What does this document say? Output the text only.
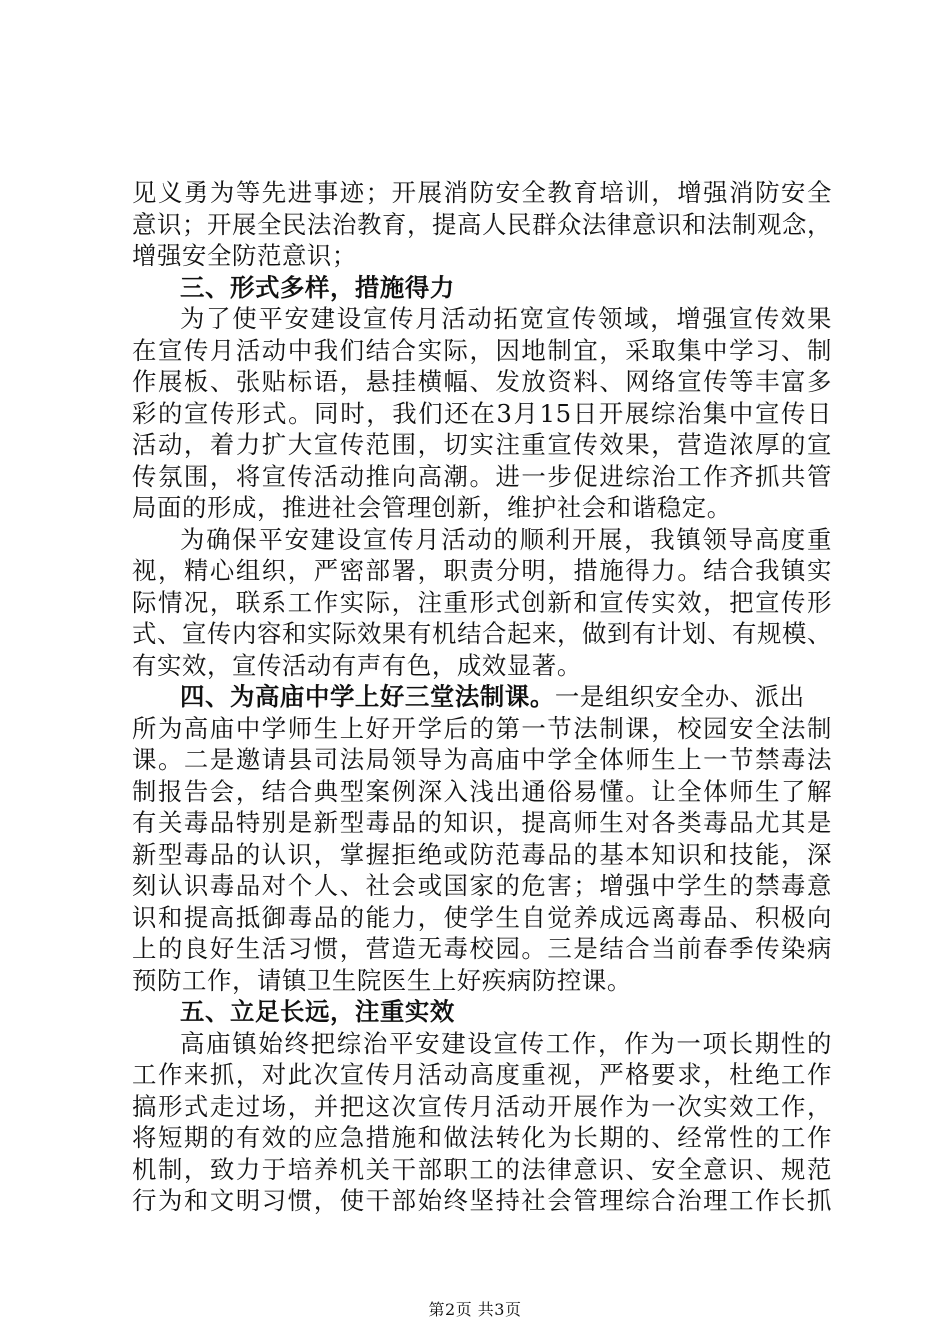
见义勇为等先进事迹；开展消防安全教育培训，增强消防安全
意识；开展全民法治教育，提高人民群众法律意识和法制观念，
增强安全防范意识；
三、形式多样，措施得力
为了使平安建设宣传月活动拓宽宣传领域，增强宣传效果
在宣传月活动中我们结合实际，因地制宜，采取集中学习、制
作展板、张贴标语，悬挂横幅、发放资料、网络宣传等丰富多
彩的宣传形式。同时，我们还在3月15日开展综治集中宣传日
活动，着力扩大宣传范围，切实注重宣传效果，营造浓厚的宣
传氛围，将宣传活动推向高潮。进一步促进综治工作齐抓共管
局面的形成，推进社会管理创新，维护社会和谐稳定。
为确保平安建设宣传月活动的顺利开展，我镇领导高度重
视，精心组织，严密部署，职责分明，措施得力。结合我镇实
际情况，联系工作实际，注重形式创新和宣传实效，把宣传形
式、宣传内容和实际效果有机结合起来，做到有计划、有规模、
有实效，宣传活动有声有色，成效显著。
四、为高庙中学上好三堂法制课。一是组织安全办、派出
所为高庙中学师生上好开学后的第一节法制课，校园安全法制
课。二是邀请县司法局领导为高庙中学全体师生上一节禁毒法
制报告会，结合典型案例深入浅出通俗易懂。让全体师生了解
有关毒品特别是新型毒品的知识，提高师生对各类毒品尤其是
新型毒品的认识，掌握拒绝或防范毒品的基本知识和技能，深
刻认识毒品对个人、社会或国家的危害；增强中学生的禁毒意
识和提高抵御毒品的能力，使学生自觉养成远离毒品、积极向
上的良好生活习惯，营造无毒校园。三是结合当前春季传染病
预防工作，请镇卫生院医生上好疾病防控课。
五、立足长远，注重实效
高庙镇始终把综治平安建设宣传工作，作为一项长期性的
工作来抓，对此次宣传月活动高度重视，严格要求，杜绝工作
搞形式走过场，并把这次宣传月活动开展作为一次实效工作，
将短期的有效的应急措施和做法转化为长期的、经常性的工作
机制，致力于培养机关干部职工的法律意识、安全意识、规范
行为和文明习惯，使干部始终坚持社会管理综合治理工作长抓
第2页 共3页
